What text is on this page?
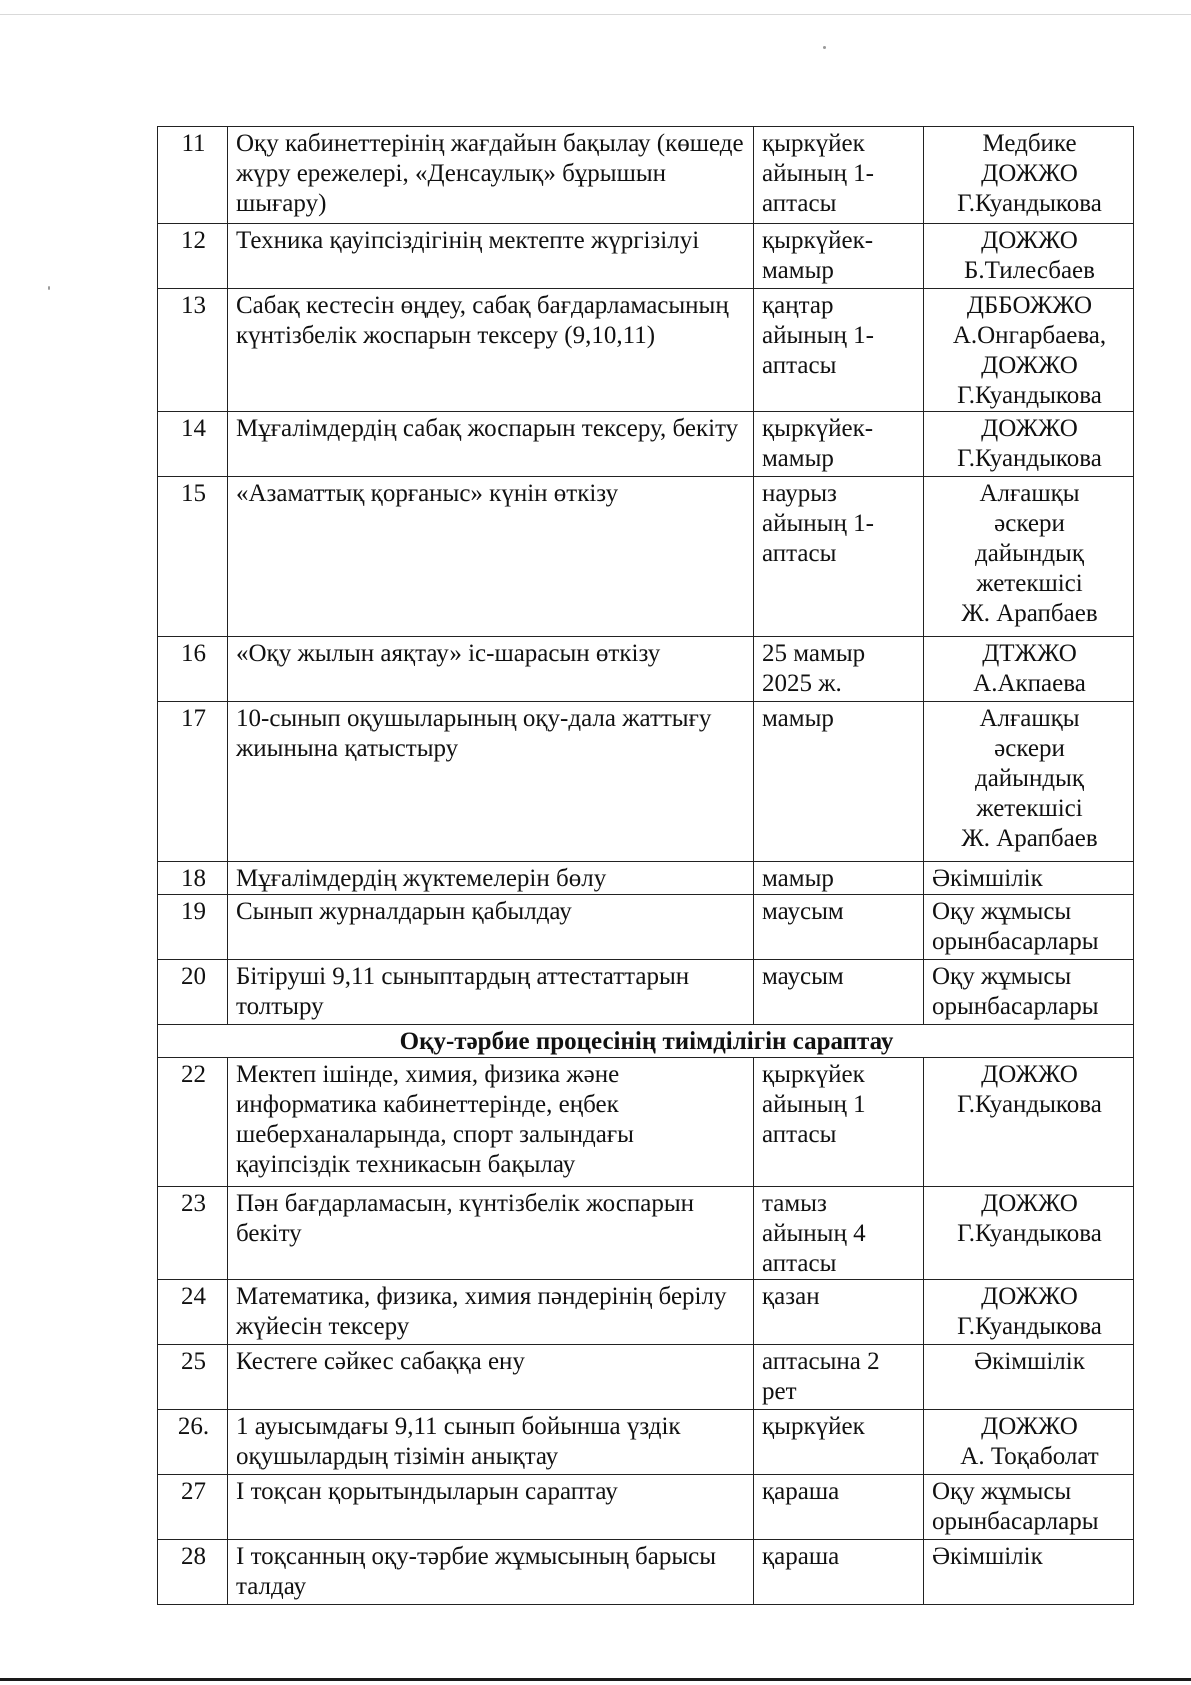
11	Оқу кабинеттерінің жағдайын бақылау (көшеде жүру ережелері, «Денсаулық» бұрышын шығару)	қыркүйек айының 1- аптасы	Медбике
ДОЖЖО
Г.Куандыкова
12	Техника қауіпсіздігінің мектепте жүргізілуі	қыркүйек- мамыр	ДОЖЖО
Б.Тилесбаев
13	Сабақ кестесін өңдеу, сабақ бағдарламасының күнтізбелік жоспарын тексеру (9,10,11)	қаңтар айының 1-аптасы	ДББОЖЖО
А.Онгарбаева,
ДОЖЖО
Г.Куандыкова
14	Мұғалімдердің сабақ жоспарын тексеру, бекіту	қыркүйек- мамыр	ДОЖЖО
Г.Куандыкова
15	«Азаматтық қорғаныс» күнін өткізу	наурыз айының 1-аптасы	Алғашқы
әскери
дайындық
жетекшісі
Ж. Арапбаев
16	«Оқу жылын аяқтау» іс-шарасын өткізу	25 мамыр 2025 ж.	ДТЖЖО
А.Акпаева
17	10-сынып оқушыларының оқу-дала жаттығу жиынына қатыстыру	мамыр	Алғашқы
әскери
дайындық
жетекшісі
Ж. Арапбаев
18	Мұғалімдердің жүктемелерін бөлу	мамыр	Әкімшілік
19	Сынып журналдарын қабылдау	маусым	Оқу жұмысы орынбасарлары
20	Бітіруші 9,11 сыныптардың аттестаттарын толтыру	маусым	Оқу жұмысы орынбасарлары
Оқу-тәрбие процесінің тиімділігін сараптау			
22	Мектеп ішінде, химия, физика және информатика кабинеттерінде, еңбек шеберханаларында, спорт залындағы қауіпсіздік техникасын бақылау	қыркүйек айының 1 аптасы	ДОЖЖО
Г.Куандыкова
23	Пән бағдарламасын, күнтізбелік жоспарын бекіту	тамыз айының 4 аптасы	ДОЖЖО
Г.Куандыкова
24	Математика, физика, химия пәндерінің берілу жүйесін тексеру	қазан	ДОЖЖО
Г.Куандыкова
25	Кестеге сәйкес сабаққа ену	аптасына 2 рет	Әкімшілік
26.	1 ауысымдағы 9,11 сынып бойынша үздік оқушылардың тізімін анықтау	қыркүйек	ДОЖЖО
А. Тоқаболат
27	І тоқсан қорытындыларын сараптау	қараша	Оқу жұмысы орынбасарлары
28	І тоқсанның оқу-тәрбие жұмысының барысы талдау	қараша	Әкімшілік
